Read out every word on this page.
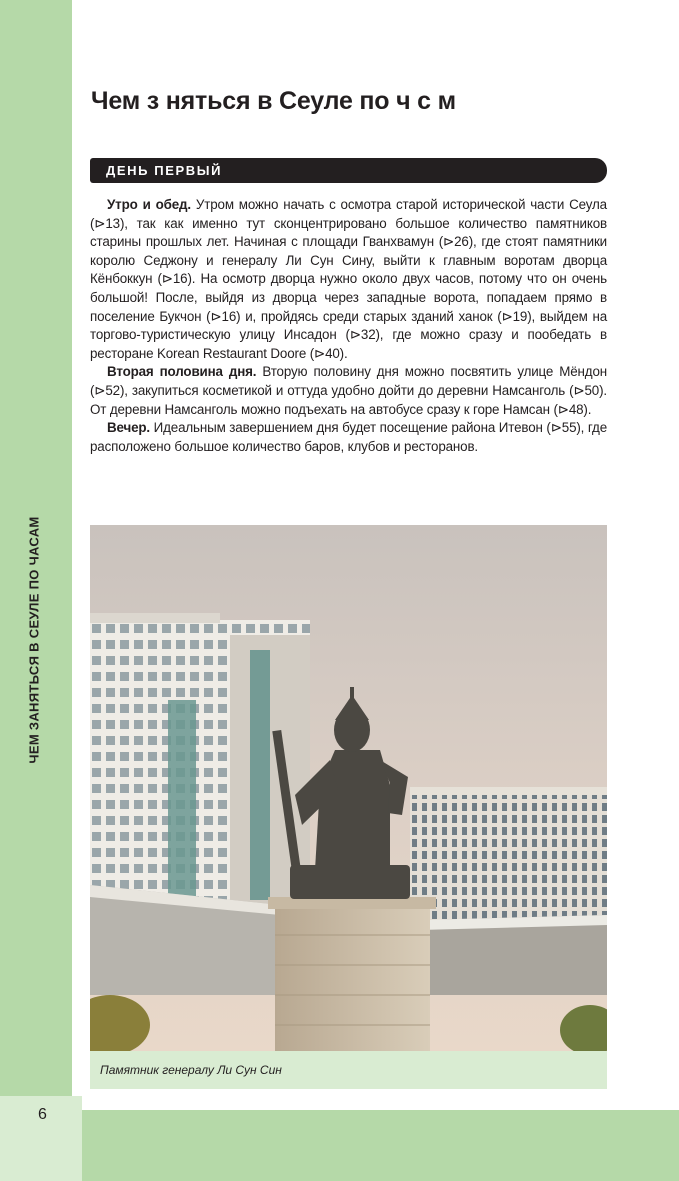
ЧЕМ ЗАНЯТЬСЯ В СЕУЛЕ ПО ЧАСАМ
6
Чем з няться в Сеуле по ч с м
ДЕНЬ ПЕРВЫЙ

Утро и обед. Утром можно начать с осмотра старой исторической части Сеула (⊳13), так как именно тут сконцентрировано большое количество памятников старины прошлых лет. Начиная с площади Гванхвамун (⊳26), где стоят памятники королю Седжону и генералу Ли Сун Сину, выйти к главным воротам дворца Кёнбоккун (⊳16). На осмотр дворца нужно около двух часов, потому что он очень большой! После, выйдя из дворца через западные ворота, попадаем прямо в поселение Букчон (⊳16) и, пройдясь среди старых зданий ханок (⊳19), выйдем на торгово-туристическую улицу Инсадон (⊳32), где можно сразу и пообедать в ресторане Korean Restaurant Doore (⊳40).

Вторая половина дня. Вторую половину дня можно посвятить улице Мёндон (⊳52), закупиться косметикой и оттуда удобно дойти до деревни Намсанголь (⊳50). От деревни Намсанголь можно подъехать на автобусе сразу к горе Намсан (⊳48).

Вечер. Идеальным завершением дня будет посещение района Итевон (⊳55), где расположено большое количество баров, клубов и ресторанов.

Памятник генералу Ли Сун Син
